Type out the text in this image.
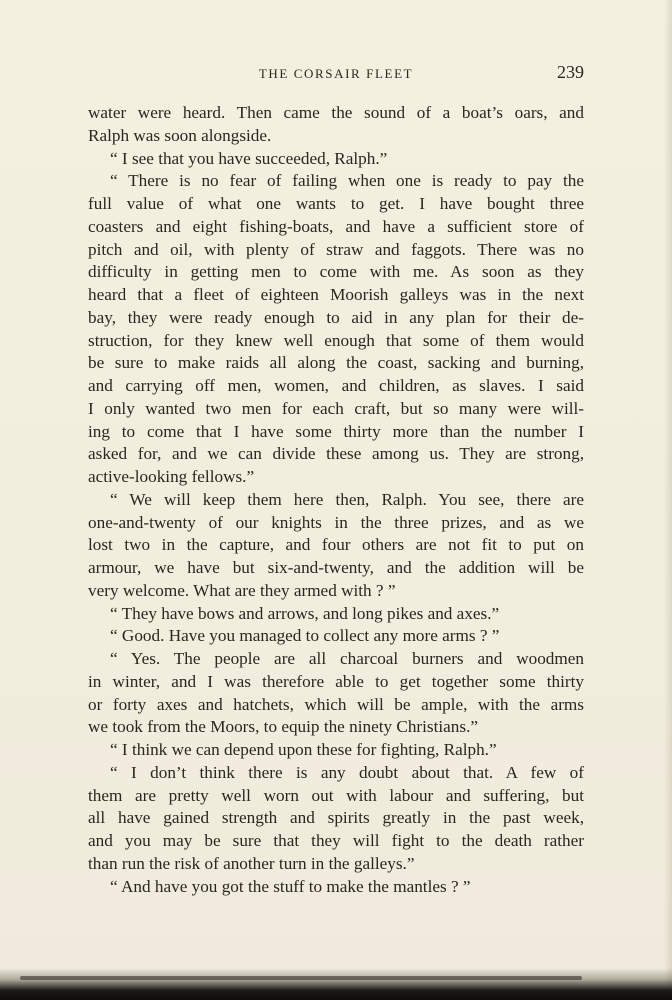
THE CORSAIR FLEET	239
water were heard. Then came the sound of a boat’s oars, and
Ralph was soon alongside.
“ I see that you have succeeded, Ralph.”
“ There is no fear of failing when one is ready to pay the
full value of what one wants to get. I have bought three
coasters and eight fishing-boats, and have a sufficient store of
pitch and oil, with plenty of straw and faggots. There was no
difficulty in getting men to come with me. As soon as they
heard that a fleet of eighteen Moorish galleys was in the next
bay, they were ready enough to aid in any plan for their de-
struction, for they knew well enough that some of them would
be sure to make raids all along the coast, sacking and burning,
and carrying off men, women, and children, as slaves. I said
I only wanted two men for each craft, but so many were will-
ing to come that I have some thirty more than the number I
asked for, and we can divide these among us. They are strong,
active-looking fellows.”
“ We will keep them here then, Ralph. You see, there are
one-and-twenty of our knights in the three prizes, and as we
lost two in the capture, and four others are not fit to put on
armour, we have but six-and-twenty, and the addition will be
very welcome. What are they armed with ? ”
“ They have bows and arrows, and long pikes and axes.”
“ Good. Have you managed to collect any more arms ? ”
“ Yes. The people are all charcoal burners and woodmen
in winter, and I was therefore able to get together some thirty
or forty axes and hatchets, which will be ample, with the arms
we took from the Moors, to equip the ninety Christians.”
“ I think we can depend upon these for fighting, Ralph.”
“ I don’t think there is any doubt about that. A few of
them are pretty well worn out with labour and suffering, but
all have gained strength and spirits greatly in the past week,
and you may be sure that they will fight to the death rather
than run the risk of another turn in the galleys.”
“ And have you got the stuff to make the mantles ? ”
